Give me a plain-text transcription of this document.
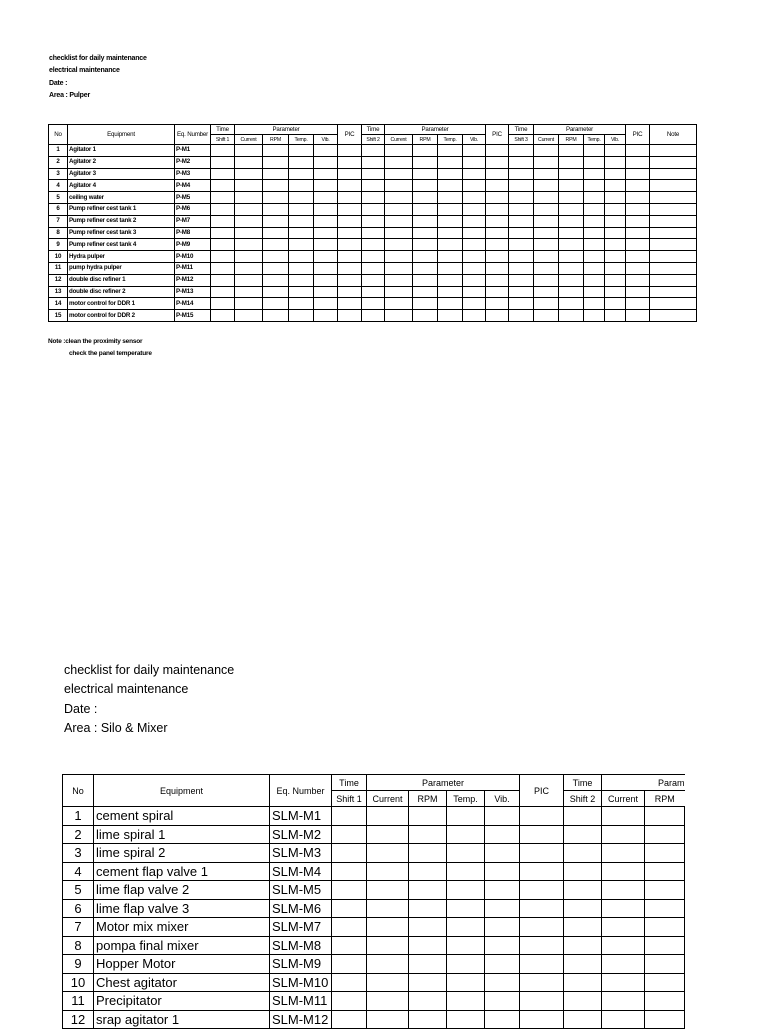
checklist for daily maintenance
electrical maintenance
Date :
Area : Pulper
No	Equipment	Eq. Number	Time	Parameter				PIC	Time	Parameter				PIC	Time	Parameter				PIC	Note
			Shift 1	Current	RPM	Temp.	Vib.		Shift 2	Current	RPM	Temp.	Vib.		Shift 3	Current	RPM	Temp.	Vib.		
1	Agitator 1	P-M1																			
2	Agitator 2	P-M2																			
3	Agitator 3	P-M3																			
4	Agitator 4	P-M4																			
5	ceiling water	P-M5																			
6	Pump refiner cest tank 1	P-M6																			
7	Pump refiner cest tank 2	P-M7																			
8	Pump refiner cest tank 3	P-M8																			
9	Pump refiner cest tank 4	P-M9																			
10	Hydra pulper	P-M10																			
11	pump hydra pulper	P-M11																			
12	double disc refiner 1	P-M12																			
13	double disc refiner 2	P-M13																			
14	motor control for DDR 1	P-M14																			
15	motor control for DDR 2	P-M15																			
Note :clean the proximity sensor
check the panel temperature
checklist for daily maintenance
electrical maintenance
Date :
Area : Silo & Mixer
No	Equipment	Eq. Number	Time	Parameter				PIC	Time	Param	
			Shift 1	Current	RPM	Temp.	Vib.		Shift 2	Current	RPM
1	cement spiral	SLM-M1									
2	lime spiral 1	SLM-M2									
3	lime spiral 2	SLM-M3									
4	cement flap valve 1	SLM-M4									
5	lime flap valve 2	SLM-M5									
6	lime flap valve 3	SLM-M6									
7	Motor mix mixer	SLM-M7									
8	pompa final mixer	SLM-M8									
9	Hopper Motor	SLM-M9									
10	Chest agitator	SLM-M10									
11	Precipitator	SLM-M11									
12	srap agitator 1	SLM-M12									
